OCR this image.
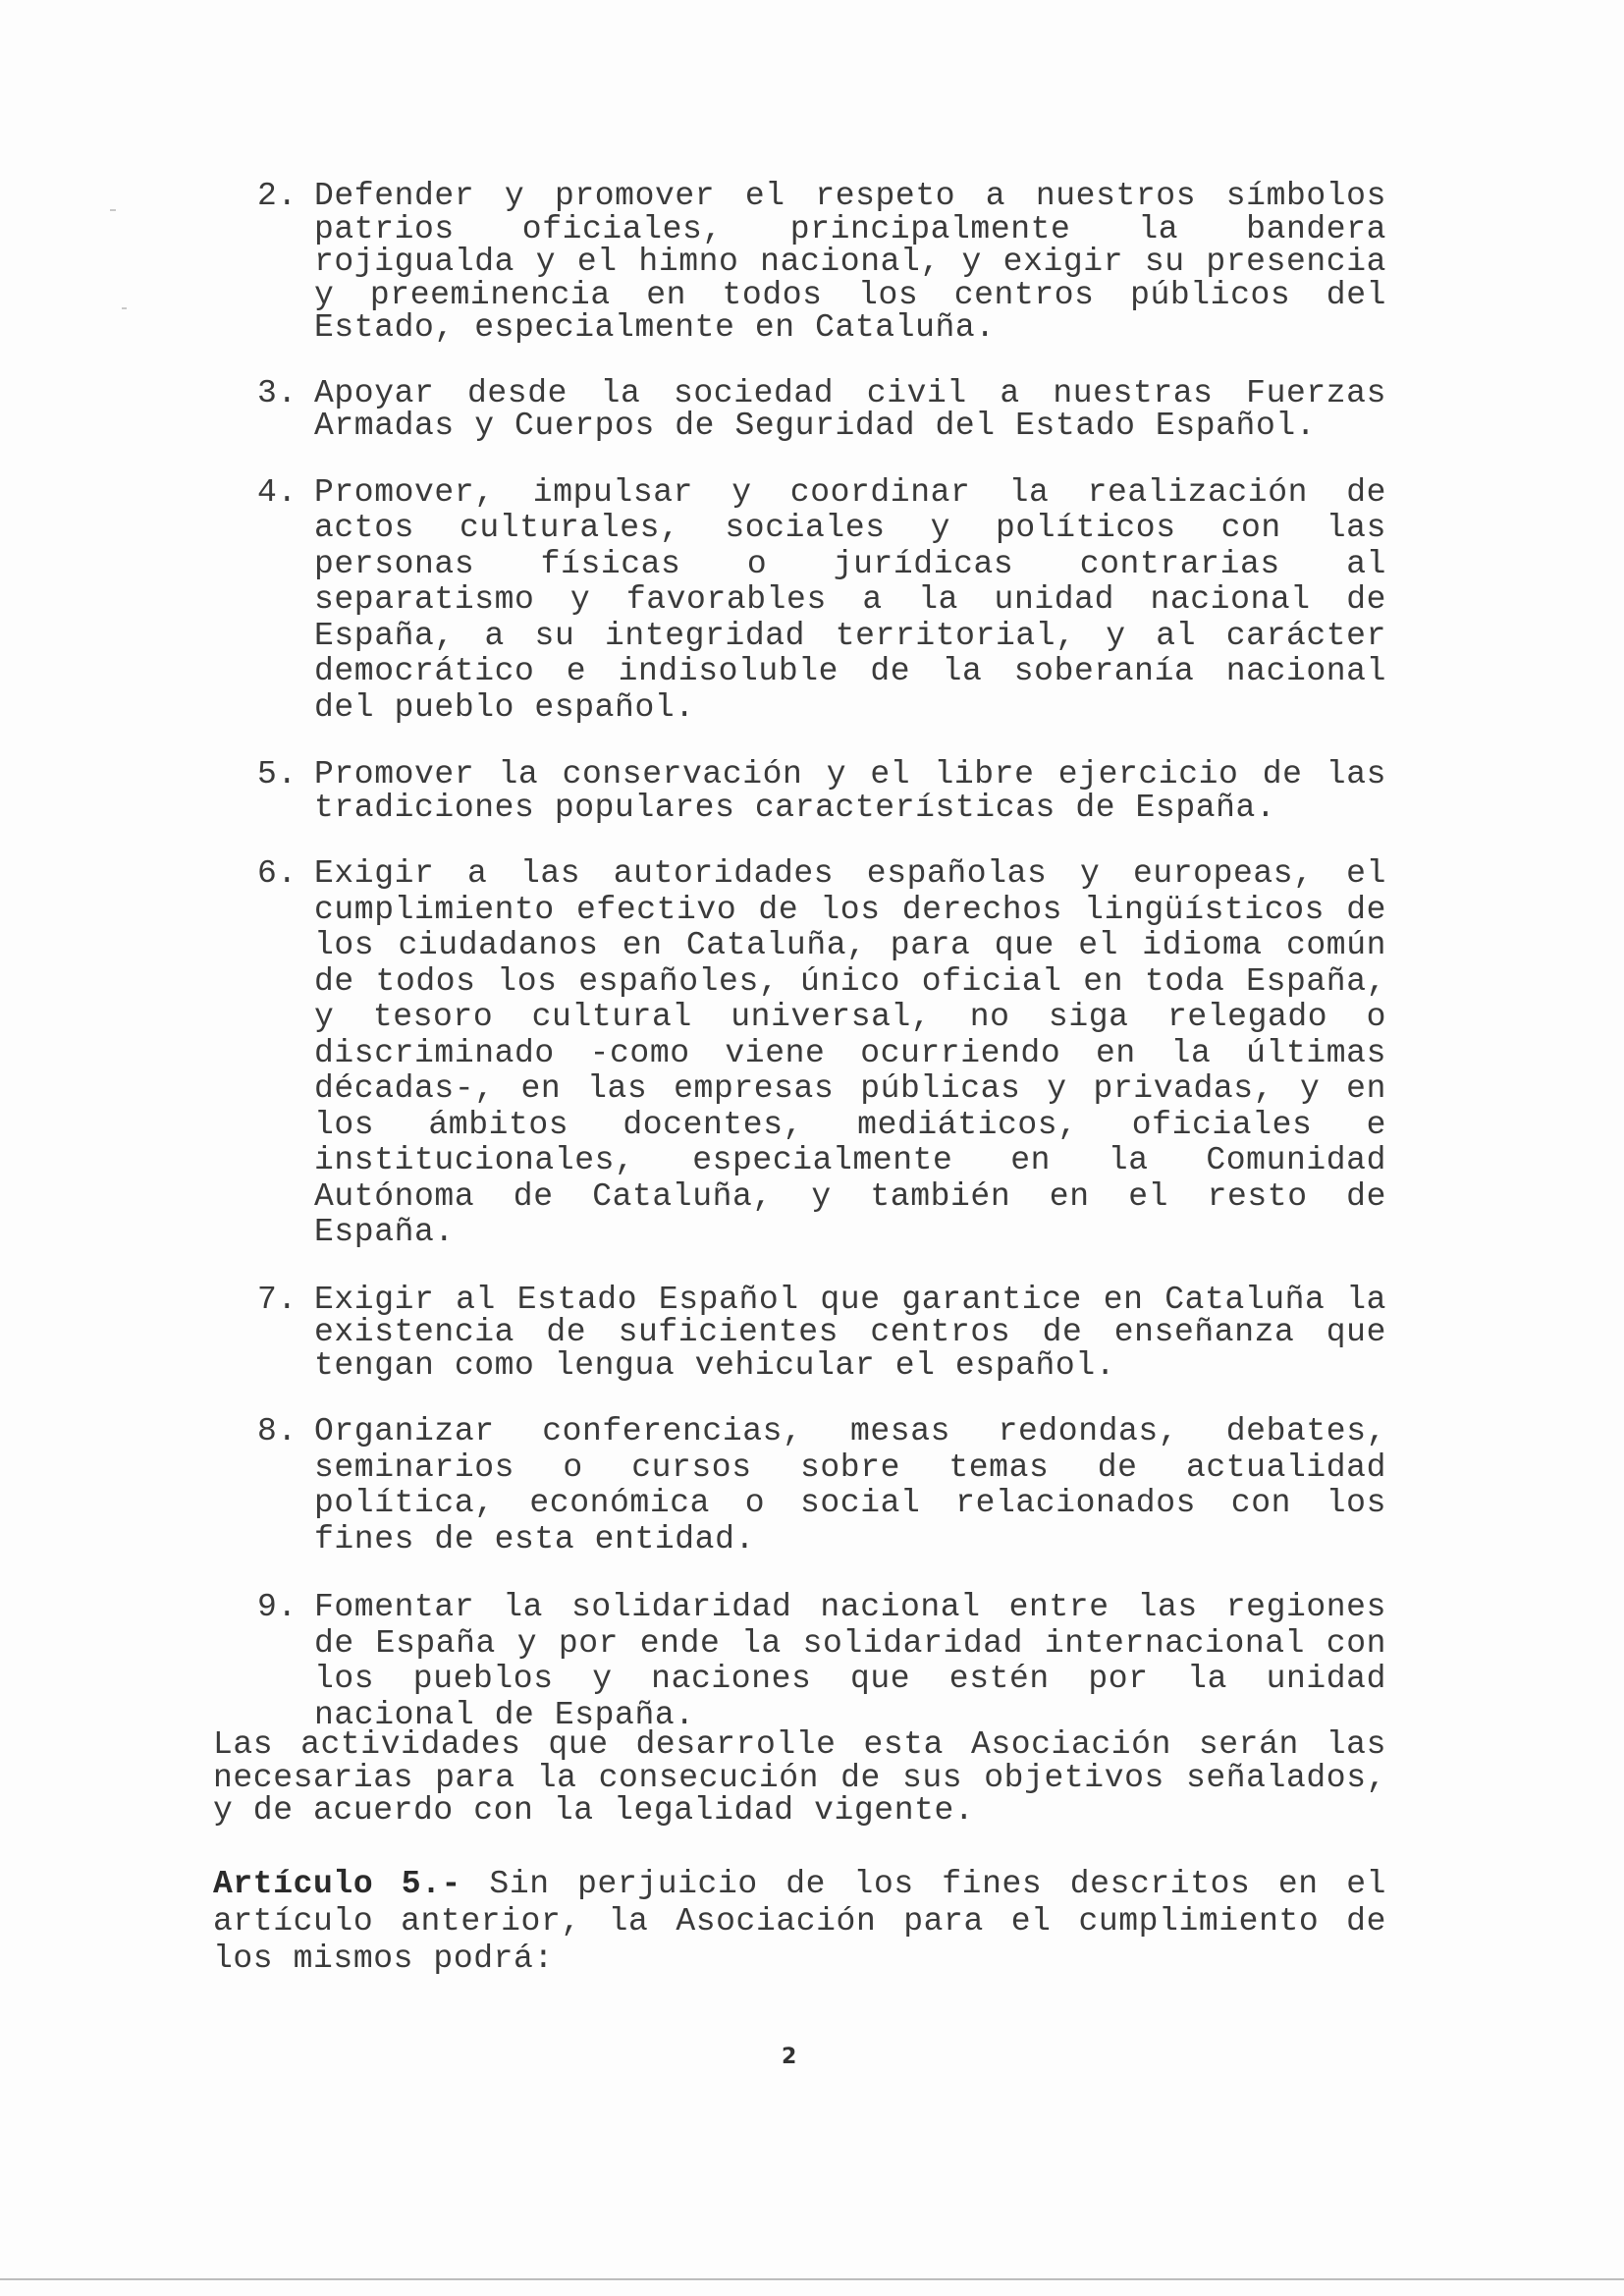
2 .	Defender y promover el respeto a nuestros símbolos patrios oficiales, principalmente la bandera rojigualda y el himno nacional, y exigir su presencia y preeminencia en todos los centros públicos del Estado, especialmente en Cataluña.
3 .	Apoyar desde la sociedad civil a nuestras Fuerzas Armadas y Cuerpos de Seguridad del Estado Español.
4 .	Promover, impulsar y coordinar la realización de actos culturales, sociales y políticos con las personas físicas o jurídicas contrarias al separatismo y favorables a la unidad nacional de España, a su integridad territorial, y al carácter democrático e indisoluble de la soberanía nacional del pueblo español.
5 .	Promover la conservación y el libre ejercicio de las tradiciones populares características de España.
6 .	Exigir a las autoridades españolas y europeas, el cumplimiento efectivo de los derechos lingüísticos de los ciudadanos en Cataluña, para que el idioma común de todos los españoles, único oficial en toda España, y tesoro cultural universal, no siga relegado o discriminado -como viene ocurriendo en la últimas décadas-, en las empresas públicas y privadas, y en los ámbitos docentes, mediáticos, oficiales e institucionales, especialmente en la Comunidad Autónoma de Cataluña, y también en el resto de España.
7 .	Exigir al Estado Español que garantice en Cataluña la existencia de suficientes centros de enseñanza que tengan como lengua vehicular el español.
8 .	Organizar conferencias, mesas redondas, debates, seminarios o cursos sobre temas de actualidad política, económica o social relacionados con los fines de esta entidad.
9 .	Fomentar la solidaridad nacional entre las regiones de España y por ende la solidaridad internacional con los pueblos y naciones que estén por la unidad nacional de España.
Las actividades que desarrolle esta Asociación serán las necesarias para la consecución de sus objetivos señalados, y de acuerdo con la legalidad vigente.
Artículo 5.- Sin perjuicio de los fines descritos en el artículo anterior, la Asociación para el cumplimiento de los mismos podrá:
2
